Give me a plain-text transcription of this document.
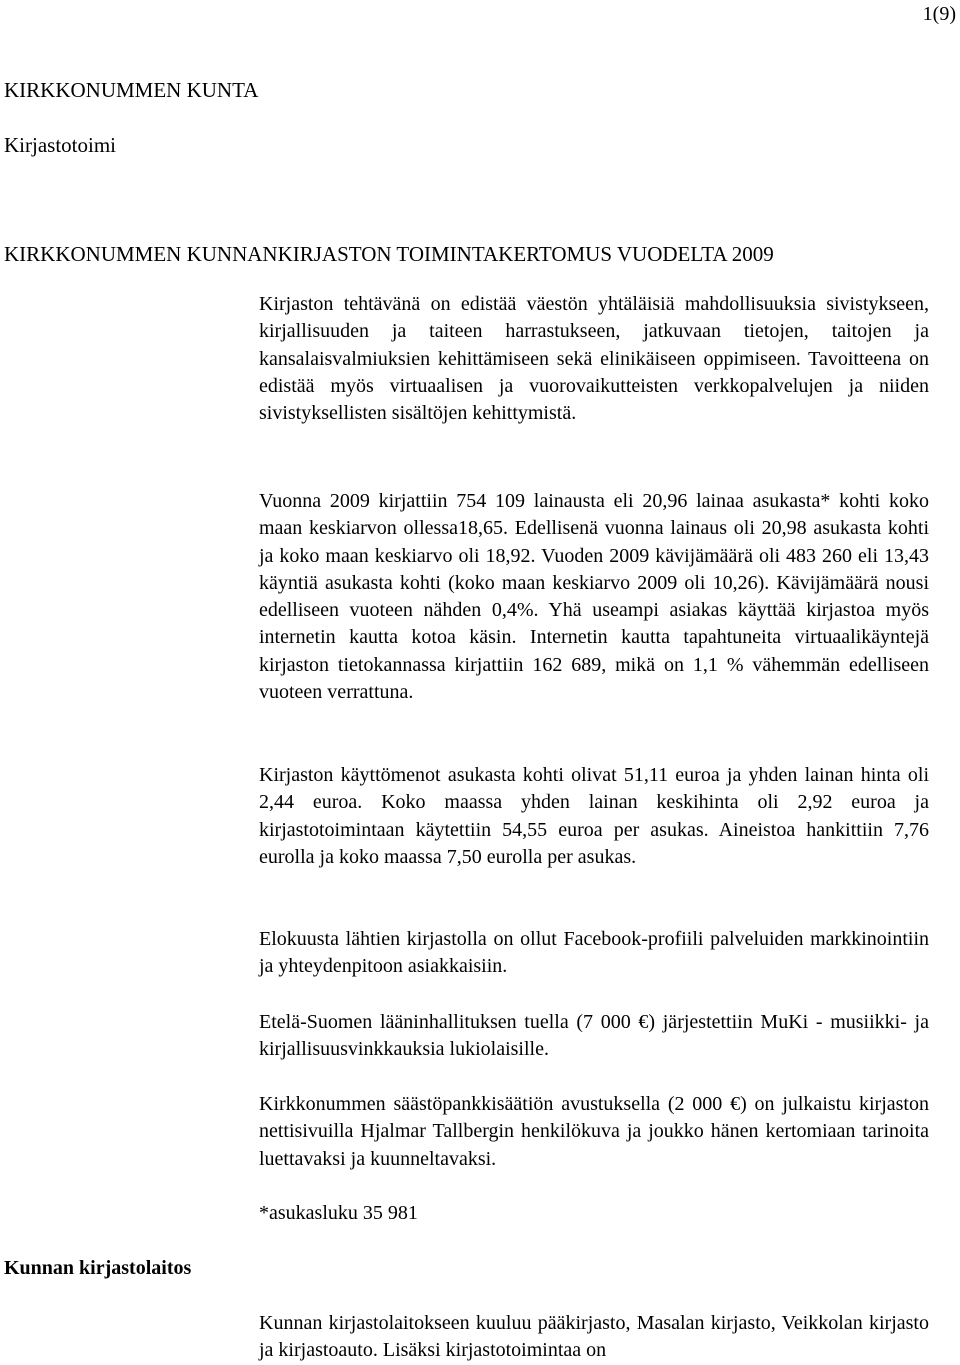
1(9)
KIRKKONUMMEN KUNTA
Kirjastotoimi
KIRKKONUMMEN KUNNANKIRJASTON TOIMINTAKERTOMUS VUODELTA 2009

Kirjaston tehtävänä on edistää väestön yhtäläisiä mahdollisuuksia sivistykseen, kirjallisuuden ja taiteen harrastukseen, jatkuvaan tietojen, taitojen ja kansalaisvalmiuksien kehittämiseen sekä elinikäiseen oppimiseen. Tavoitteena on edistää myös virtuaalisen ja vuorovaikutteisten verkkopalvelujen ja niiden sivistyksellisten sisältöjen kehittymistä.

Vuonna 2009 kirjattiin 754 109 lainausta eli 20,96 lainaa asukasta* kohti koko maan keskiarvon ollessa18,65. Edellisenä vuonna lainaus oli 20,98 asukasta kohti ja koko maan keskiarvo oli 18,92. Vuoden 2009 kävijämäärä oli 483 260 eli 13,43 käyntiä asukasta kohti (koko maan keskiarvo 2009 oli 10,26). Kävijämäärä nousi edelliseen vuoteen nähden 0,4%. Yhä useampi asiakas käyttää kirjastoa myös internetin kautta kotoa käsin. Internetin kautta tapahtuneita virtuaalikäyntejä kirjaston tietokannassa kirjattiin 162 689, mikä on 1,1 % vähemmän edelliseen vuoteen verrattuna.

Kirjaston käyttömenot asukasta kohti olivat 51,11 euroa ja yhden lainan hinta oli 2,44 euroa. Koko maassa yhden lainan keskihinta oli 2,92 euroa ja kirjastotoimintaan käytettiin 54,55 euroa per asukas. Aineistoa hankittiin 7,76 eurolla ja koko maassa 7,50 eurolla per asukas.

Elokuusta lähtien kirjastolla on ollut Facebook-profiili palveluiden markkinointiin ja yhteydenpitoon asiakkaisiin.

Etelä-Suomen lääninhallituksen tuella (7 000 €) järjestettiin MuKi - musiikki- ja kirjallisuusvinkkauksia lukiolaisille.

Kirkkonummen säästöpankkisäätiön avustuksella (2 000 €) on julkaistu kirjaston nettisivuilla Hjalmar Tallbergin henkilökuva ja joukko hänen kertomiaan tarinoita luettavaksi ja kuunneltavaksi.

*asukasluku 35 981

Kunnan kirjastolaitos

Kunnan kirjastolaitokseen kuuluu pääkirjasto, Masalan kirjasto, Veikkolan kirjasto ja kirjastoauto. Lisäksi kirjastotoimintaa on
